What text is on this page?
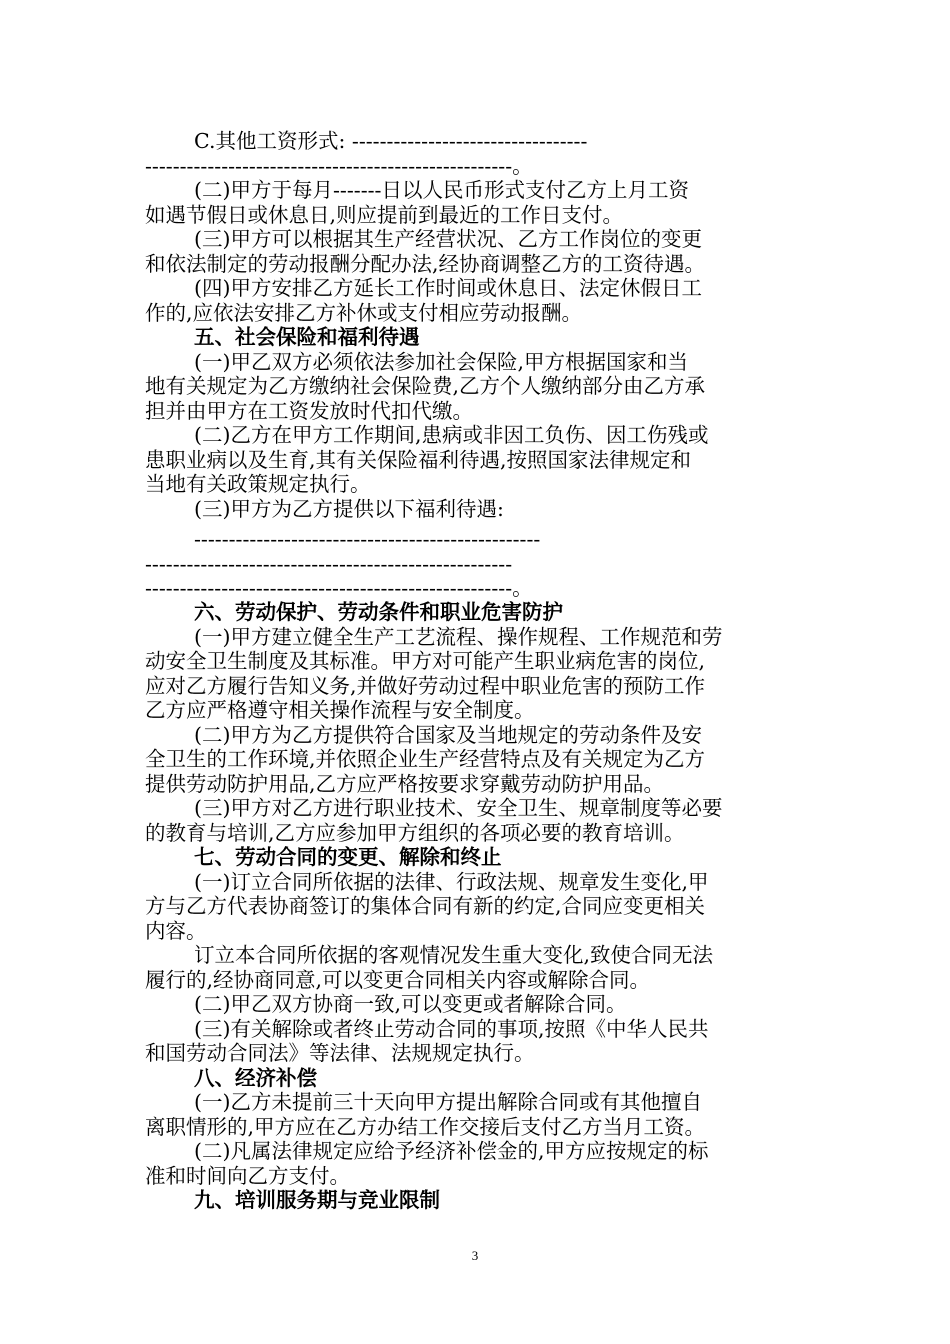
C.其他工资形式: ----------------------------------
-----------------------------------------------------。
(二)甲方于每月-------日以人民币形式支付乙方上月工资
如遇节假日或休息日,则应提前到最近的工作日支付。
(三)甲方可以根据其生产经营状况、乙方工作岗位的变更
和依法制定的劳动报酬分配办法,经协商调整乙方的工资待遇。
(四)甲方安排乙方延长工作时间或休息日、法定休假日工
作的,应依法安排乙方补休或支付相应劳动报酬。
五、社会保险和福利待遇
(一)甲乙双方必须依法参加社会保险,甲方根据国家和当
地有关规定为乙方缴纳社会保险费,乙方个人缴纳部分由乙方承
担并由甲方在工资发放时代扣代缴。
(二)乙方在甲方工作期间,患病或非因工负伤、因工伤残或
患职业病以及生育,其有关保险福利待遇,按照国家法律规定和
当地有关政策规定执行。
(三)甲方为乙方提供以下福利待遇:
--------------------------------------------------
-----------------------------------------------------
-----------------------------------------------------。
六、劳动保护、劳动条件和职业危害防护
(一)甲方建立健全生产工艺流程、操作规程、工作规范和劳
动安全卫生制度及其标准。甲方对可能产生职业病危害的岗位,
应对乙方履行告知义务,并做好劳动过程中职业危害的预防工作
乙方应严格遵守相关操作流程与安全制度。
(二)甲方为乙方提供符合国家及当地规定的劳动条件及安
全卫生的工作环境,并依照企业生产经营特点及有关规定为乙方
提供劳动防护用品,乙方应严格按要求穿戴劳动防护用品。
(三)甲方对乙方进行职业技术、安全卫生、规章制度等必要
的教育与培训,乙方应参加甲方组织的各项必要的教育培训。
七、劳动合同的变更、解除和终止
(一)订立合同所依据的法律、行政法规、规章发生变化,甲
方与乙方代表协商签订的集体合同有新的约定,合同应变更相关
内容。
订立本合同所依据的客观情况发生重大变化,致使合同无法
履行的,经协商同意,可以变更合同相关内容或解除合同。
(二)甲乙双方协商一致,可以变更或者解除合同。
(三)有关解除或者终止劳动合同的事项,按照《中华人民共
和国劳动合同法》等法律、法规规定执行。
八、经济补偿
(一)乙方未提前三十天向甲方提出解除合同或有其他擅自
离职情形的,甲方应在乙方办结工作交接后支付乙方当月工资。
(二)凡属法律规定应给予经济补偿金的,甲方应按规定的标
准和时间向乙方支付。
九、培训服务期与竞业限制
3
